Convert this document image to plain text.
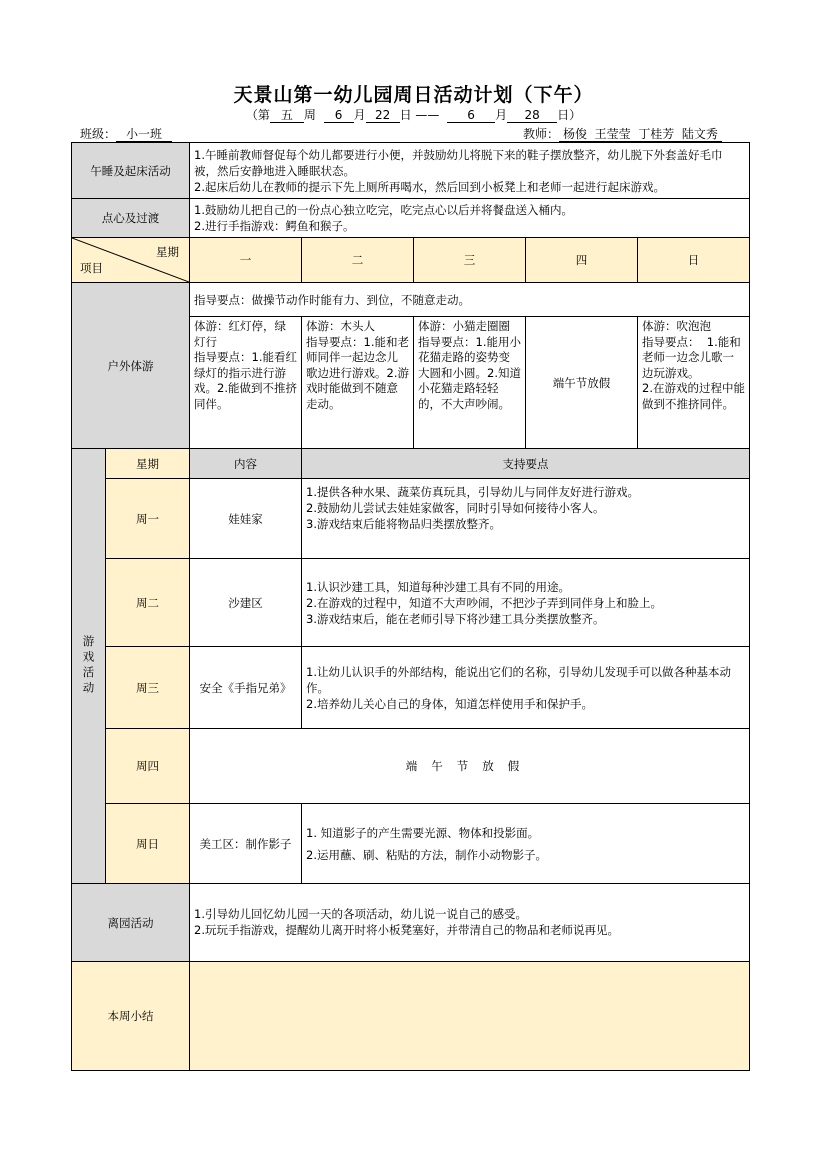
天景山第一幼儿园周日活动计划（下午）
（第 五 周 6 月 22 日 —— 6 月 28 日）
班级： 小一班	教师： 杨俊  王莹莹  丁桂芳  陆文秀
午睡及起床活动	1.午睡前教师督促每个幼儿都要进行小便，并鼓励幼儿将脱下来的鞋子摆放整齐，幼儿脱下外套盖好毛巾被，然后安静地进入睡眠状态。
2.起床后幼儿在教师的提示下先上厕所再喝水，然后回到小板凳上和老师一起进行起床游戏。				

点心及过渡	1.鼓励幼儿把自己的一份点心独立吃完，吃完点心以后并将餐盘送入桶内。
2.进行手指游戏：鳄鱼和猴子。				

星期
项目	一	二	三	四	日
户外体游	指导要点：做操节动作时能有力、到位，不随意走动。				
	体游：红灯停，绿灯行
指导要点：1.能看红绿灯的指示进行游戏。2.能做到不推挤同伴。	体游：木头人
指导要点：1.能和老师同伴一起边念儿歌边进行游戏。2.游戏时能做到不随意走动。	体游：小猫走圈圈
指导要点：1.能用小花猫走路的姿势变大圆和小圆。2.知道小花猫走路轻轻的，不大声吵闹。	端午节放假	体游：吹泡泡
指导要点：  1.能和老师一边念儿歌一边玩游戏。
2.在游戏的过程中能做到不推挤同伴。
游戏活动	星期	内容	支持要点
	周一	娃娃家	1.提供各种水果、蔬菜仿真玩具，引导幼儿与同伴友好进行游戏。
2.鼓励幼儿尝试去娃娃家做客，同时引导如何接待小客人。
3.游戏结束后能将物品归类摆放整齐。

	周二	沙建区	1.认识沙建工具，知道每种沙建工具有不同的用途。
2.在游戏的过程中，知道不大声吵闹，不把沙子弄到同伴身上和脸上。
3.游戏结束后，能在老师引导下将沙建工具分类摆放整齐。

	周三	安全《手指兄弟》	1.让幼儿认识手的外部结构，能说出它们的名称，引导幼儿发现手可以做各种基本动作。
2.培养幼儿关心自己的身体，知道怎样使用手和保护手。

	周四	端午节放假	
	周日	美工区：制作影子	1. 知道影子的产生需要光源、物体和投影面。
2.运用蘸、刷、粘贴的方法，制作小动物影子。

离园活动		1.引导幼儿回忆幼儿园一天的各项活动，幼儿说一说自己的感受。
2.玩玩手指游戏，提醒幼儿离开时将小板凳塞好，并带清自己的物品和老师说再见。	

本周小结			
